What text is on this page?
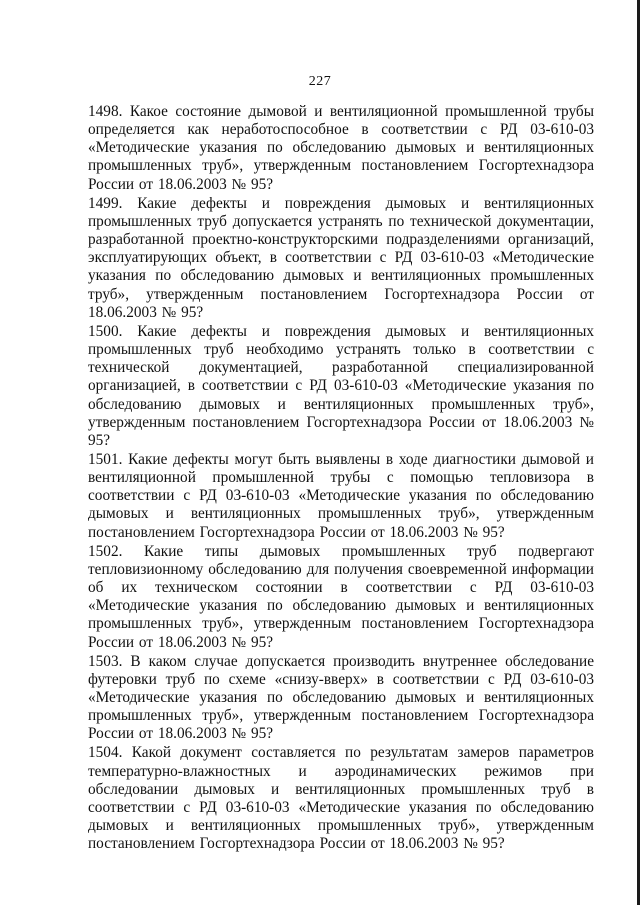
227

1498. Какое состояние дымовой и вентиляционной промышленной трубы определяется как неработоспособное в соответствии с РД 03-610-03 «Методические указания по обследованию дымовых и вентиляционных промышленных труб», утвержденным постановлением Госгортехнадзора России от 18.06.2003 № 95?

1499. Какие дефекты и повреждения дымовых и вентиляционных промышленных труб допускается устранять по технической документации, разработанной проектно-конструкторскими подразделениями организаций, эксплуатирующих объект, в соответствии с РД 03-610-03 «Методические указания по обследованию дымовых и вентиляционных промышленных труб», утвержденным постановлением Госгортехнадзора России от 18.06.2003 № 95?

1500. Какие дефекты и повреждения дымовых и вентиляционных промышленных труб необходимо устранять только в соответствии с технической документацией, разработанной специализированной организацией, в соответствии с РД 03-610-03 «Методические указания по обследованию дымовых и вентиляционных промышленных труб», утвержденным постановлением Госгортехнадзора России от 18.06.2003 № 95?

1501. Какие дефекты могут быть выявлены в ходе диагностики дымовой и вентиляционной промышленной трубы с помощью тепловизора в соответствии с РД 03-610-03 «Методические указания по обследованию дымовых и вентиляционных промышленных труб», утвержденным постановлением Госгортехнадзора России от 18.06.2003 № 95?

1502. Какие типы дымовых промышленных труб подвергают тепловизионному обследованию для получения своевременной информации об их техническом состоянии в соответствии с РД 03-610-03 «Методические указания по обследованию дымовых и вентиляционных промышленных труб», утвержденным постановлением Госгортехнадзора России от 18.06.2003 № 95?

1503. В каком случае допускается производить внутреннее обследование футеровки труб по схеме «снизу-вверх» в соответствии с РД 03-610-03 «Методические указания по обследованию дымовых и вентиляционных промышленных труб», утвержденным постановлением Госгортехнадзора России от 18.06.2003 № 95?

1504. Какой документ составляется по результатам замеров параметров температурно-влажностных и аэродинамических режимов при обследовании дымовых и вентиляционных промышленных труб в соответствии с РД 03-610-03 «Методические указания по обследованию дымовых и вентиляционных промышленных труб», утвержденным постановлением Госгортехнадзора России от 18.06.2003 № 95?
